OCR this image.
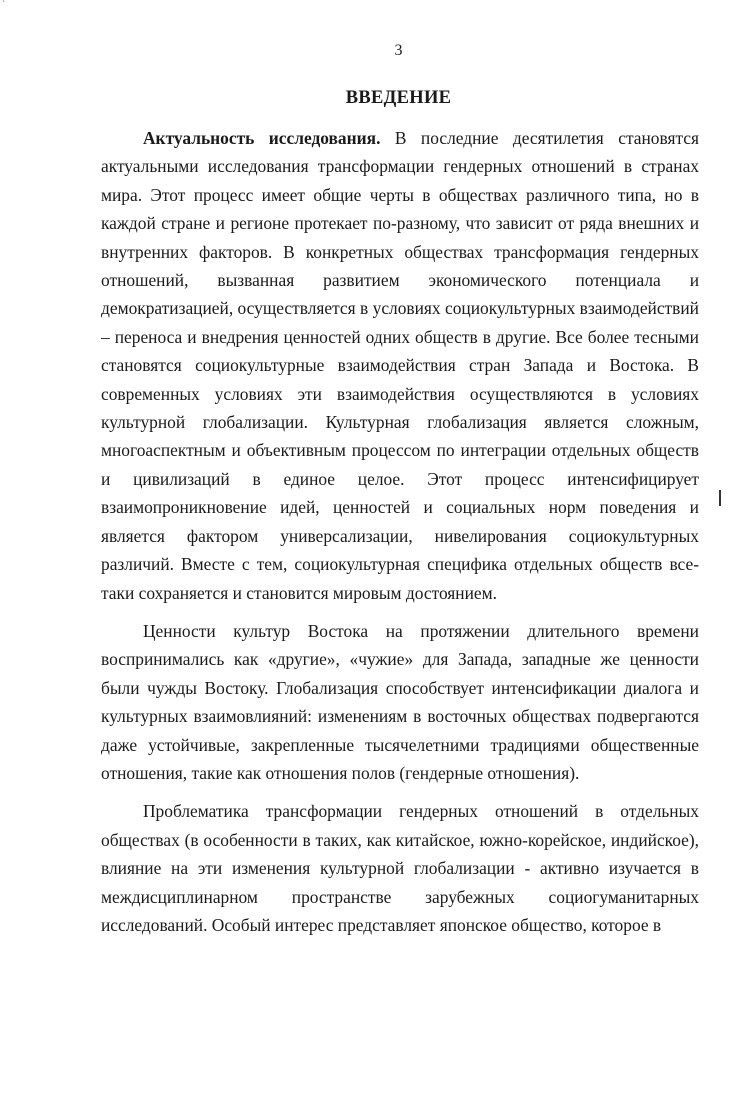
`
3
ВВЕДЕНИЕ

Актуальность исследования. В последние десятилетия становятся актуальными исследования трансформации гендерных отношений в странах мира. Этот процесс имеет общие черты в обществах различного типа, но в каждой стране и регионе протекает по-разному, что зависит от ряда внешних и внутренних факторов. В конкретных обществах трансформация гендерных отношений, вызванная развитием экономического потенциала и демократизацией, осуществляется в условиях социокультурных взаимодействий – переноса и внедрения ценностей одних обществ в другие. Все более тесными становятся социокультурные взаимодействия стран Запада и Востока. В современных условиях эти взаимодействия осуществляются в условиях культурной глобализации. Культурная глобализация является сложным, многоаспектным и объективным процессом по интеграции отдельных обществ и цивилизаций в единое целое. Этот процесс интенсифицирует взаимопроникновение идей, ценностей и социальных норм поведения и является фактором универсализации, нивелирования социокультурных различий. Вместе с тем, социокультурная специфика отдельных обществ все-таки сохраняется и становится мировым достоянием.

Ценности культур Востока на протяжении длительного времени воспринимались как «другие», «чужие» для Запада, западные же ценности были чужды Востоку. Глобализация способствует интенсификации диалога и культурных взаимовлияний: изменениям в восточных обществах подвергаются даже устойчивые, закрепленные тысячелетними традициями общественные отношения, такие как отношения полов (гендерные отношения).

Проблематика трансформации гендерных отношений в отдельных обществах (в особенности в таких, как китайское, южно-корейское, индийское), влияние на эти изменения культурной глобализации - активно изучается в междисциплинарном пространстве зарубежных социогуманитарных исследований. Особый интерес представляет японское общество, которое в
